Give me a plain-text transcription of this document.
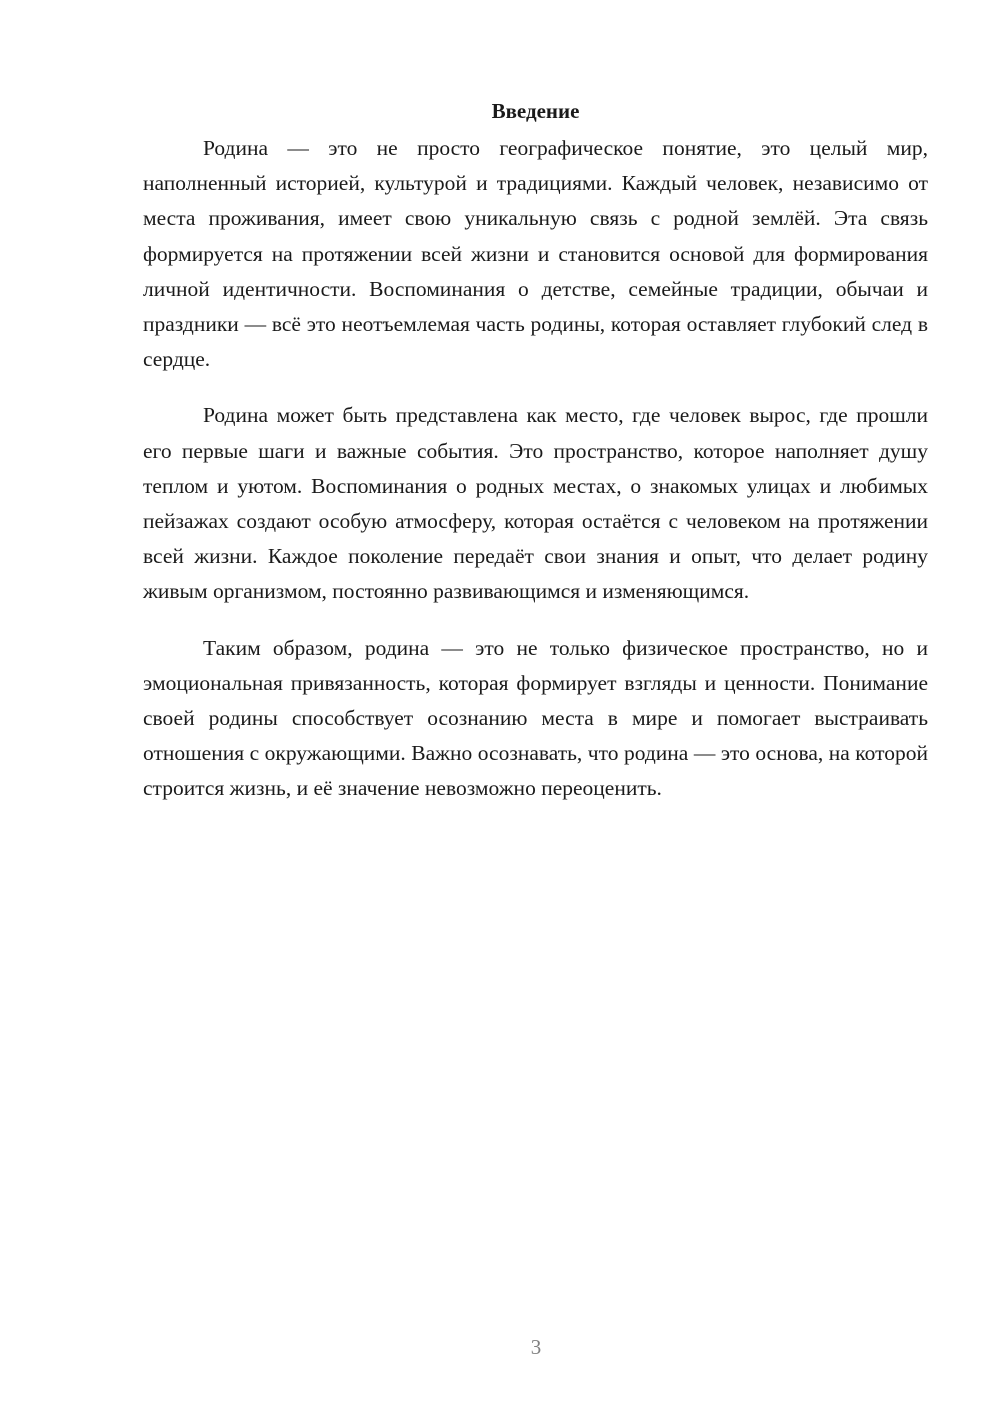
Введение

Родина — это не просто географическое понятие, это целый мир, наполненный историей, культурой и традициями. Каждый человек, независимо от места проживания, имеет свою уникальную связь с родной землёй. Эта связь формируется на протяжении всей жизни и становится основой для формирования личной идентичности. Воспоминания о детстве, семейные традиции, обычаи и праздники — всё это неотъемлемая часть родины, которая оставляет глубокий след в сердце.

Родина может быть представлена как место, где человек вырос, где прошли его первые шаги и важные события. Это пространство, которое наполняет душу теплом и уютом. Воспоминания о родных местах, о знакомых улицах и любимых пейзажах создают особую атмосферу, которая остаётся с человеком на протяжении всей жизни. Каждое поколение передаёт свои знания и опыт, что делает родину живым организмом, постоянно развивающимся и изменяющимся.

Таким образом, родина — это не только физическое пространство, но и эмоциональная привязанность, которая формирует взгляды и ценности. Понимание своей родины способствует осознанию места в мире и помогает выстраивать отношения с окружающими. Важно осознавать, что родина — это основа, на которой строится жизнь, и её значение невозможно переоценить.

3
